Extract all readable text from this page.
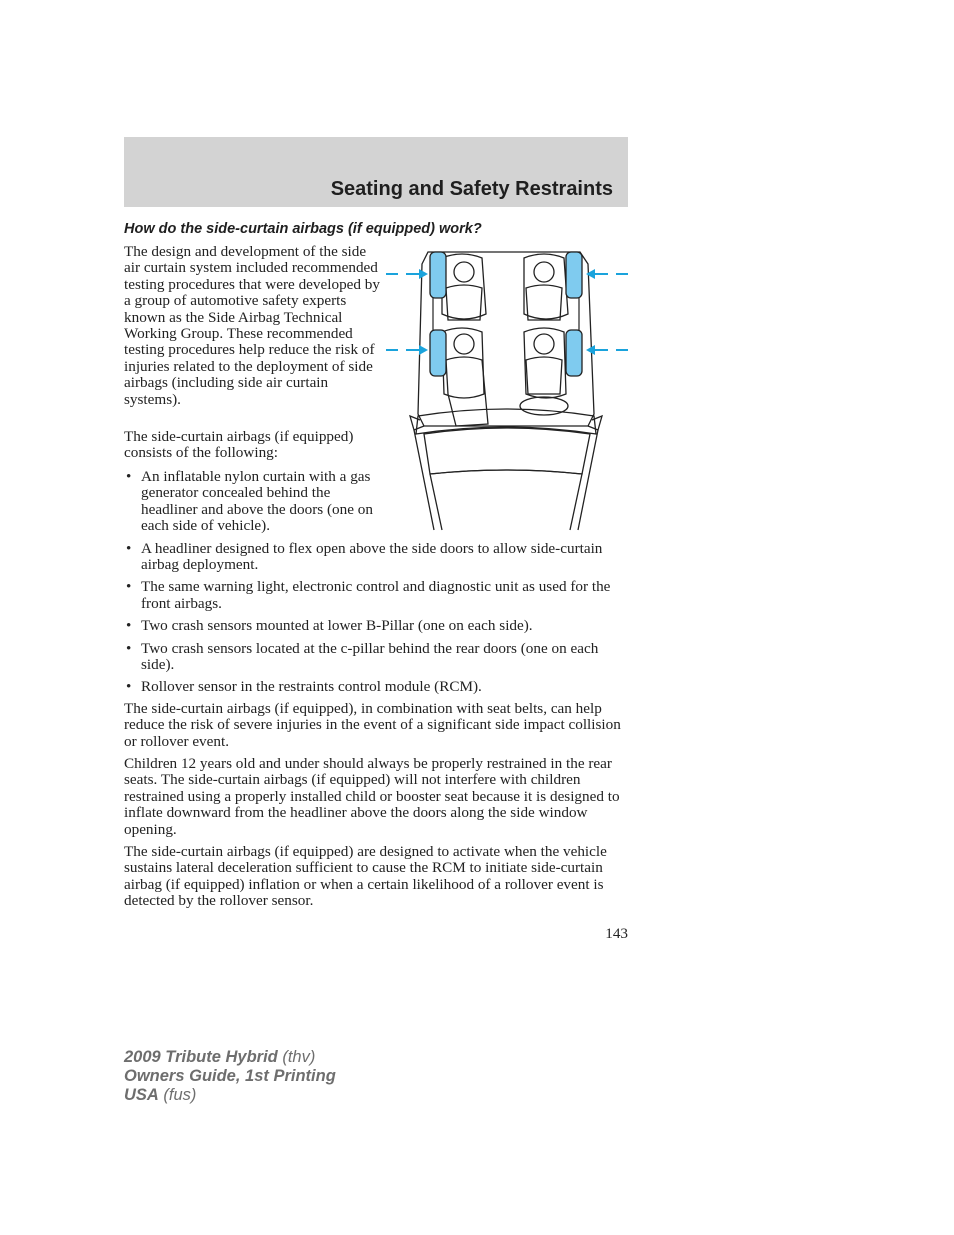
Seating and Safety Restraints
How do the side-curtain airbags (if equipped) work?

The design and development of the side air curtain system included recommended testing procedures that were developed by a group of automotive safety experts known as the Side Airbag Technical Working Group. These recommended testing procedures help reduce the risk of injuries related to the deployment of side airbags (including side air curtain systems).

The side-curtain airbags (if equipped) consists of the following:

• An inflatable nylon curtain with a gas generator concealed behind the headliner and above the doors (one on each side of vehicle).
• A headliner designed to flex open above the side doors to allow side-curtain airbag deployment.
• The same warning light, electronic control and diagnostic unit as used for the front airbags.
• Two crash sensors mounted at lower B-Pillar (one on each side).
• Two crash sensors located at the c-pillar behind the rear doors (one on each side).
• Rollover sensor in the restraints control module (RCM).

The side-curtain airbags (if equipped), in combination with seat belts, can help reduce the risk of severe injuries in the event of a significant side impact collision or rollover event.

Children 12 years old and under should always be properly restrained in the rear seats. The side-curtain airbags (if equipped) will not interfere with children restrained using a properly installed child or booster seat because it is designed to inflate downward from the headliner above the doors along the side window opening.

The side-curtain airbags (if equipped) are designed to activate when the vehicle sustains lateral deceleration sufficient to cause the RCM to initiate side-curtain airbag (if equipped) inflation or when a certain likelihood of a rollover event is detected by the rollover sensor.

143

2009 Tribute Hybrid (thv)
Owners Guide, 1st Printing
USA (fus)
